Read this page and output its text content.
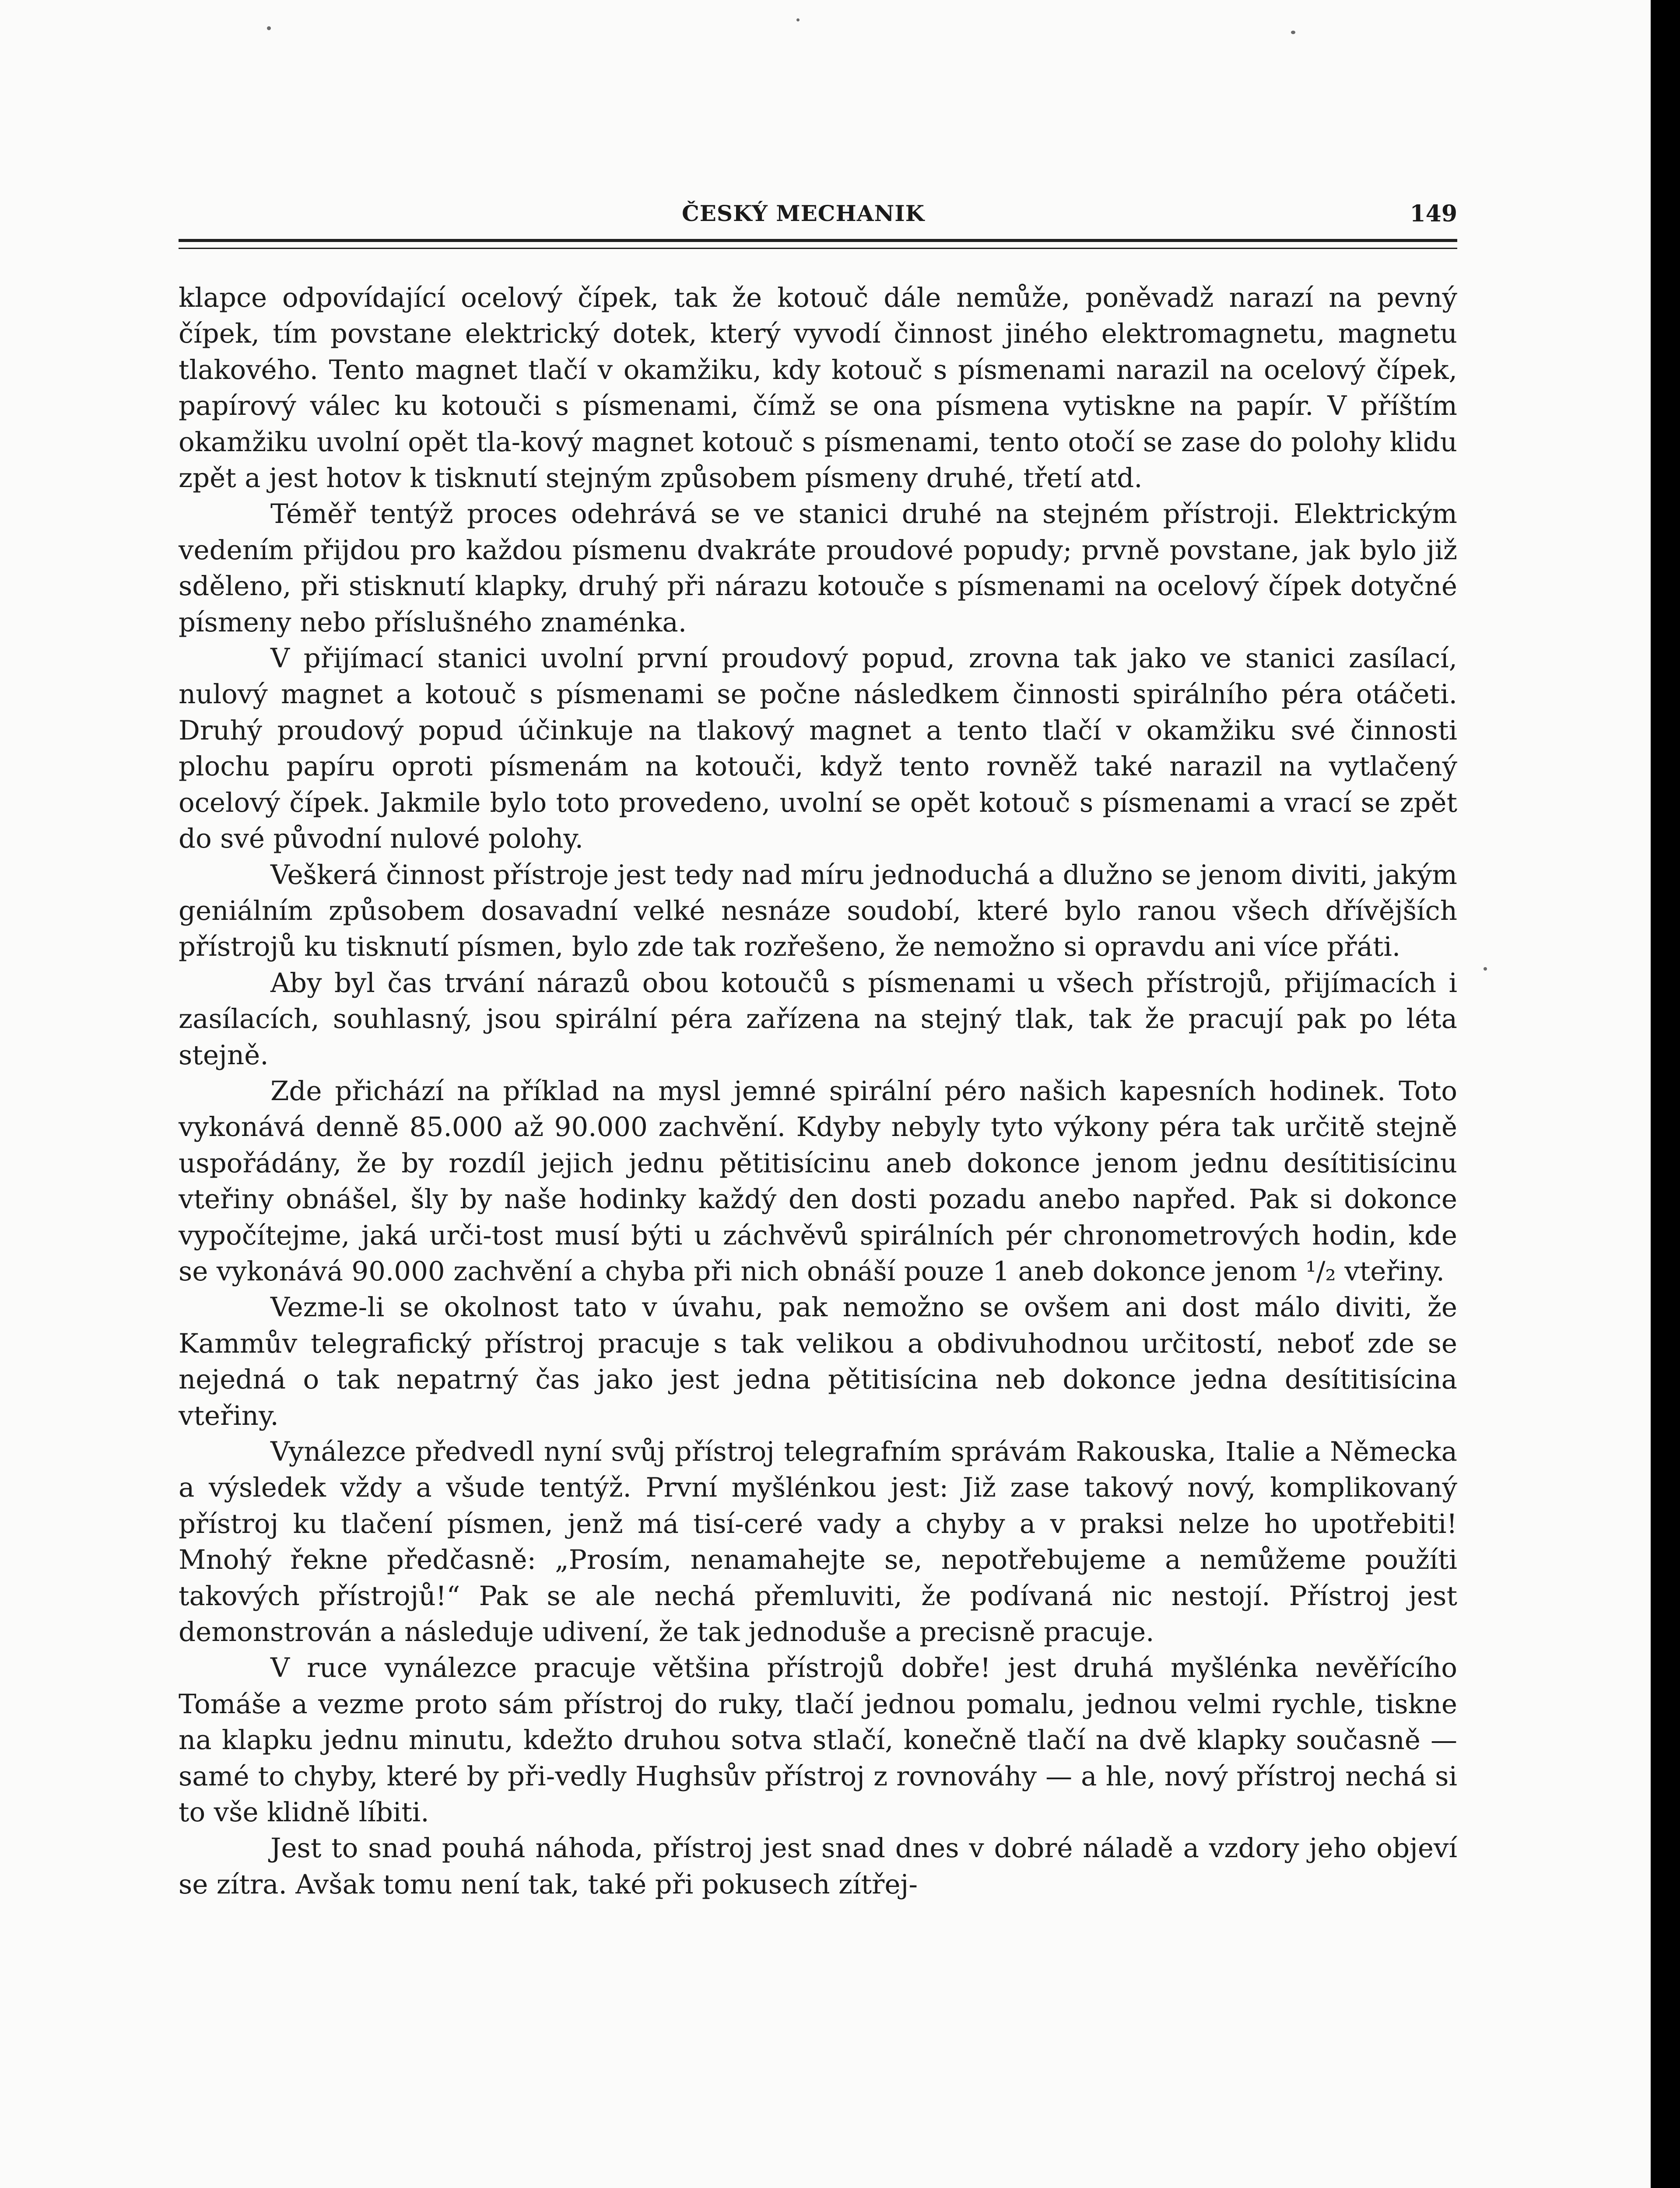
ČESKÝ MECHANIK	149

klapce odpovídající ocelový čípek, tak že kotouč dále nemůže, poněvadž narazí na pevný čípek, tím povstane elektrický dotek, který vyvodí činnost jiného elektromagnetu, magnetu tlakového. Tento magnet tlačí v okamžiku, kdy kotouč s písmenami narazil na ocelový čípek, papírový válec ku kotouči s písmenami, čímž se ona písmena vytiskne na papír. V příštím okamžiku uvolní opět tla-kový magnet kotouč s písmenami, tento otočí se zase do polohy klidu zpět a jest hotov k tisknutí stejným způsobem písmeny druhé, třetí atd.

Téměř tentýž proces odehrává se ve stanici druhé na stejném přístroji. Elektrickým vedením přijdou pro každou písmenu dvakráte proudové popudy; prvně povstane, jak bylo již sděleno, při stisknutí klapky, druhý při nárazu kotouče s písmenami na ocelový čípek dotyčné písmeny nebo příslušného znaménka.

V přijímací stanici uvolní první proudový popud, zrovna tak jako ve stanici zasílací, nulový magnet a kotouč s písmenami se počne následkem činnosti spirálního péra otáčeti. Druhý proudový popud účinkuje na tlakový magnet a tento tlačí v okamžiku své činnosti plochu papíru oproti písmenám na kotouči, když tento rovněž také narazil na vytlačený ocelový čípek. Jakmile bylo toto provedeno, uvolní se opět kotouč s písmenami a vrací se zpět do své původní nulové polohy.

Veškerá činnost přístroje jest tedy nad míru jednoduchá a dlužno se jenom diviti, jakým geniálním způsobem dosavadní velké nesnáze soudobí, které bylo ranou všech dřívějších přístrojů ku tisknutí písmen, bylo zde tak rozřešeno, že nemožno si opravdu ani více přáti.

Aby byl čas trvání nárazů obou kotoučů s písmenami u všech přístrojů, přijímacích i zasílacích, souhlasný, jsou spirální péra zařízena na stejný tlak, tak že pracují pak po léta stejně.

Zde přichází na příklad na mysl jemné spirální péro našich kapesních hodinek. Toto vykonává denně 85.000 až 90.000 zachvění. Kdyby nebyly tyto výkony péra tak určitě stejně uspořádány, že by rozdíl jejich jednu pětitisícinu aneb dokonce jenom jednu desítitisícinu vteřiny obnášel, šly by naše hodinky každý den dosti pozadu anebo napřed. Pak si dokonce vypočítejme, jaká urči-tost musí býti u záchvěvů spirálních pér chronometrových hodin, kde se vykonává 90.000 zachvění a chyba při nich obnáší pouze 1 aneb dokonce jenom ¹/₂ vteřiny.

Vezme-li se okolnost tato v úvahu, pak nemožno se ovšem ani dost málo diviti, že Kammův telegrafický přístroj pracuje s tak velikou a obdivuhodnou určitostí, neboť zde se nejedná o tak nepatrný čas jako jest jedna pětitisícina neb dokonce jedna desítitisícina vteřiny.

Vynálezce předvedl nyní svůj přístroj telegrafním správám Rakouska, Italie a Německa a výsledek vždy a všude tentýž. První myšlénkou jest: Již zase takový nový, komplikovaný přístroj ku tlačení písmen, jenž má tisí-ceré vady a chyby a v praksi nelze ho upotřebiti! Mnohý řekne předčasně: „Prosím, nenamahejte se, nepotřebujeme a nemůžeme použíti takových přístrojů!“ Pak se ale nechá přemluviti, že podívaná nic nestojí. Přístroj jest demonstrován a následuje udivení, že tak jednoduše a precisně pracuje.

V ruce vynálezce pracuje většina přístrojů dobře! jest druhá myšlénka nevěřícího Tomáše a vezme proto sám přístroj do ruky, tlačí jednou pomalu, jednou velmi rychle, tiskne na klapku jednu minutu, kdežto druhou sotva stlačí, konečně tlačí na dvě klapky současně — samé to chyby, které by při-vedly Hughsův přístroj z rovnováhy — a hle, nový přístroj nechá si to vše klidně líbiti.

Jest to snad pouhá náhoda, přístroj jest snad dnes v dobré náladě a vzdory jeho objeví se zítra. Avšak tomu není tak, také při pokusech zítřej-
